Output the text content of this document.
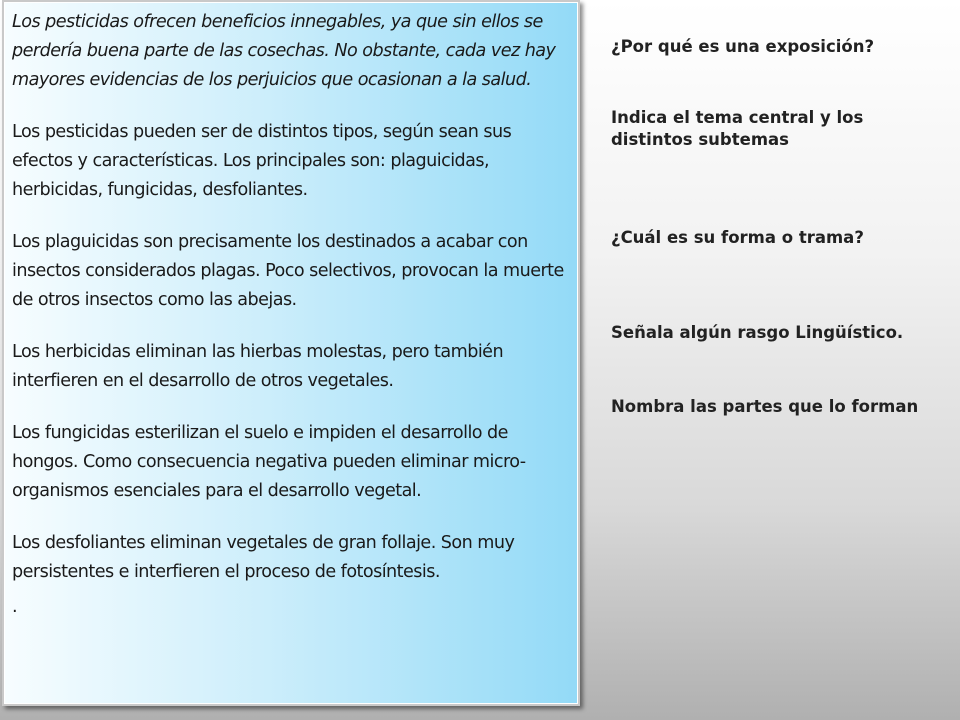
Los pesticidas ofrecen beneficios innegables, ya que sin ellos se perdería buena parte de las cosechas. No obstante, cada vez hay mayores evidencias de los perjuicios que ocasionan a la salud.

Los pesticidas pueden ser de distintos tipos, según sean sus efectos y características. Los principales son: plaguicidas, herbicidas, fungicidas, desfoliantes.

Los plaguicidas son precisamente los destinados a acabar con insectos considerados plagas. Poco selectivos, provocan la muerte de otros insectos como las abejas.

Los herbicidas eliminan las hierbas molestas, pero también interfieren en el desarrollo de otros vegetales.

Los fungicidas esterilizan el suelo e impiden el desarrollo de hongos. Como consecuencia negativa pueden eliminar micro-organismos esenciales para el desarrollo vegetal.

Los desfoliantes eliminan vegetales de gran follaje. Son muy persistentes e interfieren el proceso de fotosíntesis.

.

¿Por qué es una exposición?
Indica el tema central y los distintos subtemas
¿Cuál es su forma o trama?
Señala algún rasgo Lingüístico.
Nombra las partes que lo forman
